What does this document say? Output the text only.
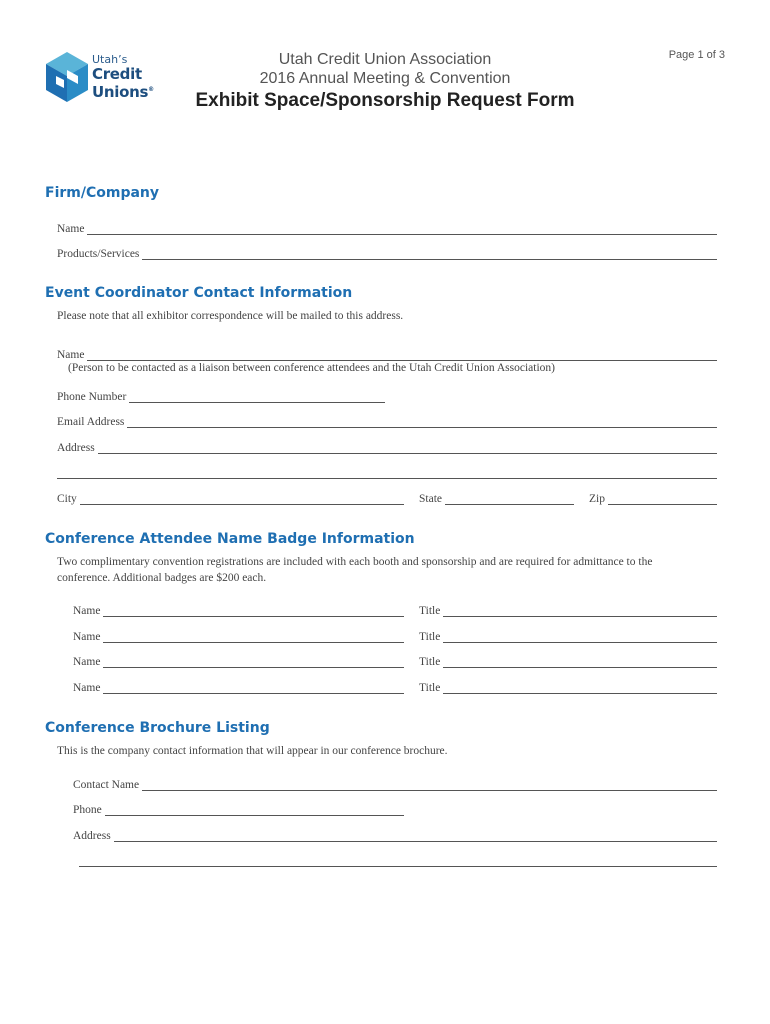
Utah’s
Credit
Unions®
Utah Credit Union Association
2016 Annual Meeting & Convention
Exhibit Space/Sponsorship Request Form
Page 1 of 3
Firm/Company
Name
Products/Services
Event Coordinator Contact Information
Please note that all exhibitor correspondence will be mailed to this address.
Name
(Person to be contacted as a liaison between conference attendees and the Utah Credit Union Association)
Phone Number
Email Address
Address
City	State	Zip
Conference Attendee Name Badge Information
Two complimentary convention registrations are included with each booth and sponsorship and are required for admittance to the
conference. Additional badges are $200 each.
Name	Title
Name	Title
Name	Title
Name	Title
Conference Brochure Listing
This is the company contact information that will appear in our conference brochure.
Contact Name
Phone
Address
